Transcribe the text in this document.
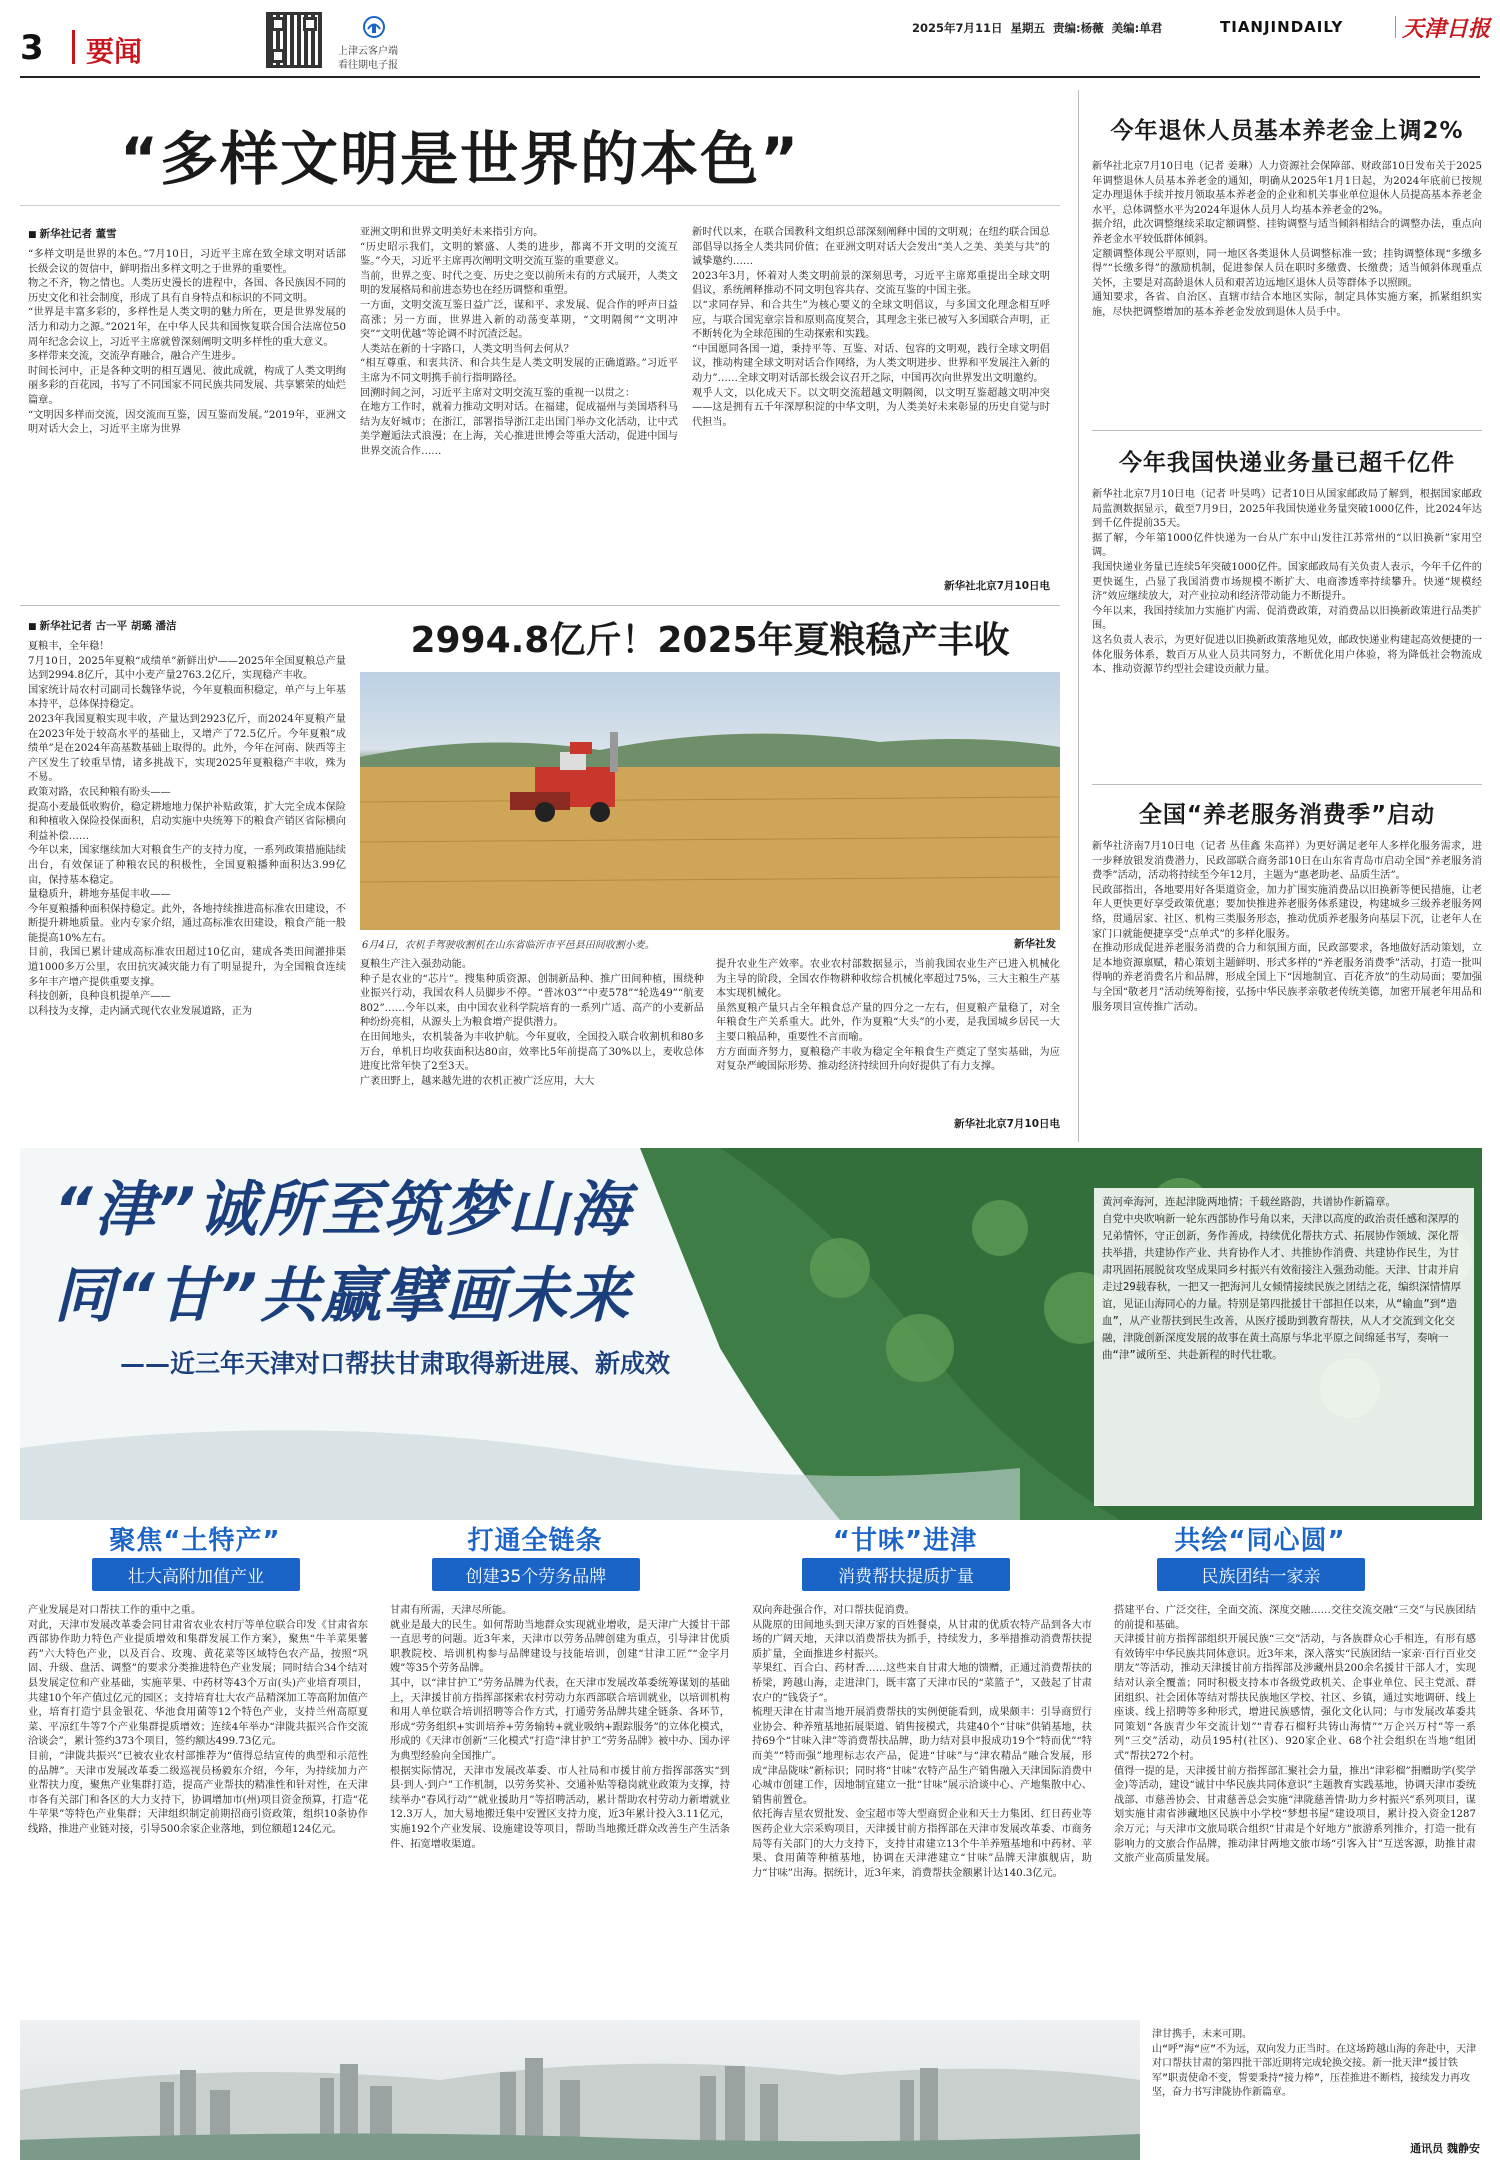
3 要闻	上津云客户端
看往期电子报
2025年7月11日  星期五  责编:杨薇  美编:单君	TIANJINDAILY	天津日报
“多样文明是世界的本色”
■ 新华社记者 董雪
“多样文明是世界的本色。”7月10日，习近平主席在致全球文明对话部长级会议的贺信中，鲜明指出多样文明之于世界的重要性。
物之不齐，物之情也。人类历史漫长的进程中，各国、各民族因不同的历史文化和社会制度，形成了具有自身特点和标识的不同文明。
“世界是丰富多彩的，多样性是人类文明的魅力所在，更是世界发展的活力和动力之源。”2021年，在中华人民共和国恢复联合国合法席位50周年纪念会议上，习近平主席就曾深刻阐明文明多样性的重大意义。
多样带来交流，交流孕育融合，融合产生进步。
时间长河中，正是各种文明的相互遇见、彼此成就，构成了人类文明绚丽多彩的百花园，书写了不同国家不同民族共同发展、共享繁荣的灿烂篇章。
“文明因多样而交流，因交流而互鉴，因互鉴而发展。”2019年，亚洲文明对话大会上，习近平主席为世界
亚洲文明和世界文明美好未来指引方向。
“历史昭示我们，文明的繁盛、人类的进步，都离不开文明的交流互鉴。”今天，习近平主席再次阐明文明交流互鉴的重要意义。
当前，世界之变、时代之变、历史之变以前所未有的方式展开，人类文明的发展格局和前进态势也在经历调整和重塑。
一方面，文明交流互鉴日益广泛，谋和平、求发展、促合作的呼声日益高涨；另一方面，世界进入新的动荡变革期，“文明隔阂”“文明冲突”“文明优越”等论调不时沉渣泛起。
人类站在新的十字路口，人类文明当何去何从？
“相互尊重、和衷共济、和合共生是人类文明发展的正确道路。”习近平主席为不同文明携手前行指明路径。
回溯时间之河，习近平主席对文明交流互鉴的重视一以贯之：
在地方工作时，就着力推动文明对话。在福建，促成福州与美国塔科马结为友好城市；在浙江，部署指导浙江走出国门举办文化活动，让中式美学邂逅法式浪漫；在上海，关心推进世博会等重大活动，促进中国与世界交流合作……
新时代以来，在联合国教科文组织总部深刻阐释中国的文明观；在纽约联合国总部倡导以扬全人类共同价值；在亚洲文明对话大会发出“美人之美、美美与共”的诚挚邀约……
2023年3月，怀着对人类文明前景的深刻思考，习近平主席郑重提出全球文明倡议，系统阐释推动不同文明包容共存、交流互鉴的中国主张。
以“求同存异、和合共生”为核心要义的全球文明倡议，与多国文化理念相互呼应，与联合国宪章宗旨和原则高度契合，其理念主张已被写入多国联合声明，正不断转化为全球范围的生动探索和实践。
“中国愿同各国一道，秉持平等、互鉴、对话、包容的文明观，践行全球文明倡议，推动构建全球文明对话合作网络，为人类文明进步、世界和平发展注入新的动力”……全球文明对话部长级会议召开之际，中国再次向世界发出文明邀约。
观乎人文，以化成天下。以文明交流超越文明隔阂，以文明互鉴超越文明冲突——这是拥有五千年深厚积淀的中华文明，为人类美好未来彰显的历史自觉与时代担当。
新华社北京7月10日电
■ 新华社记者 古一平 胡璐 潘洁
夏粮丰，全年稳！
7月10日，2025年夏粮“成绩单”新鲜出炉——2025年全国夏粮总产量达到2994.8亿斤，其中小麦产量2763.2亿斤，实现稳产丰收。
国家统计局农村司副司长魏锋华说，今年夏粮面积稳定，单产与上年基本持平，总体保持稳定。
2023年我国夏粮实现丰收，产量达到2923亿斤，而2024年夏粮产量在2023年处于较高水平的基础上，又增产了72.5亿斤。今年夏粮“成绩单”是在2024年高基数基础上取得的。此外，今年在河南、陕西等主产区发生了较重旱情，诸多挑战下，实现2025年夏粮稳产丰收，殊为不易。
政策对路，农民种粮有盼头——
提高小麦最低收购价，稳定耕地地力保护补贴政策，扩大完全成本保险和种植收入保险投保面积，启动实施中央统筹下的粮食产销区省际横向利益补偿……
今年以来，国家继续加大对粮食生产的支持力度，一系列政策措施陆续出台，有效保证了种粮农民的积极性，全国夏粮播种面积达3.99亿亩，保持基本稳定。
量稳质升，耕地夯基促丰收——
今年夏粮播种面积保持稳定。此外，各地持续推进高标准农田建设，不断提升耕地质量。业内专家介绍，通过高标准农田建设，粮食产能一般能提高10%左右。
目前，我国已累计建成高标准农田超过10亿亩，建成各类田间灌排渠道1000多万公里，农田抗灾减灾能力有了明显提升，为全国粮食连续多年丰产增产提供重要支撑。
科技创新，良种良机提单产——
以科技为支撑，走内涵式现代农业发展道路，正为
2994.8亿斤！2025年夏粮稳产丰收
6月4日，农机手驾驶收割机在山东省临沂市平邑县田间收割小麦。	新华社发
夏粮生产注入强劲动能。
种子是农业的“芯片”。搜集种质资源、创制新品种、推广田间种植，围绕种业振兴行动，我国农科人员脚步不停。“普冰03”“中麦578”“轮选49”“航麦802”……今年以来，由中国农业科学院培育的一系列广适、高产的小麦新品种纷纷亮相，从源头上为粮食增产提供潜力。
在田间地头，农机装备为丰收护航。今年夏收，全国投入联合收割机和80多万台，单机日均收获面积达80亩，效率比5年前提高了30%以上，麦收总体进度比常年快了2至3天。
广袤田野上，越来越先进的农机正被广泛应用，大大
提升农业生产效率。农业农村部数据显示，当前我国农业生产已进入机械化为主导的阶段，全国农作物耕种收综合机械化率超过75%，三大主粮生产基本实现机械化。
虽然夏粮产量只占全年粮食总产量的四分之一左右，但夏粮产量稳了，对全年粮食生产关系重大。此外，作为夏粮“大头”的小麦，是我国城乡居民一大主要口粮品种，重要性不言而喻。
方方面面齐努力，夏粮稳产丰收为稳定全年粮食生产奠定了坚实基础，为应对复杂严峻国际形势、推动经济持续回升向好提供了有力支撑。
新华社北京7月10日电
今年退休人员基本养老金上调2%
新华社北京7月10日电（记者 姜琳）人力资源社会保障部、财政部10日发布关于2025年调整退休人员基本养老金的通知，明确从2025年1月1日起，为2024年底前已按规定办理退休手续并按月领取基本养老金的企业和机关事业单位退休人员提高基本养老金水平，总体调整水平为2024年退休人员月人均基本养老金的2%。
据介绍，此次调整继续采取定额调整、挂钩调整与适当倾斜相结合的调整办法，重点向养老金水平较低群体倾斜。
定额调整体现公平原则，同一地区各类退休人员调整标准一致；挂钩调整体现“多缴多得”“长缴多得”的激励机制，促进参保人员在职时多缴费、长缴费；适当倾斜体现重点关怀，主要是对高龄退休人员和艰苦边远地区退休人员等群体予以照顾。
通知要求，各省、自治区、直辖市结合本地区实际，制定具体实施方案，抓紧组织实施，尽快把调整增加的基本养老金发放到退休人员手中。
今年我国快递业务量已超千亿件
新华社北京7月10日电（记者 叶昊鸣）记者10日从国家邮政局了解到，根据国家邮政局监测数据显示，截至7月9日，2025年我国快递业务量突破1000亿件，比2024年达到千亿件提前35天。
据了解，今年第1000亿件快递为一台从广东中山发往江苏常州的“以旧换新”家用空调。
我国快递业务量已连续5年突破1000亿件。国家邮政局有关负责人表示，今年千亿件的更快诞生，凸显了我国消费市场规模不断扩大、电商渗透率持续攀升。快递“规模经济”效应继续放大，对产业拉动和经济带动能力不断提升。
今年以来，我国持续加力实施扩内需、促消费政策，对消费品以旧换新政策进行品类扩围。
这名负责人表示，为更好促进以旧换新政策落地见效，邮政快递业构建起高效便捷的一体化服务体系，数百万从业人员共同努力，不断优化用户体验，将为降低社会物流成本、推动资源节约型社会建设贡献力量。
全国“养老服务消费季”启动
新华社济南7月10日电（记者 丛佳鑫 朱高祥）为更好满足老年人多样化服务需求，进一步释放银发消费潜力，民政部联合商务部10日在山东省青岛市启动全国“养老服务消费季”活动，活动将持续至今年12月，主题为“惠老助老、品质生活”。
民政部指出，各地要用好各渠道资金，加力扩围实施消费品以旧换新等便民措施，让老年人更快更好享受政策优惠；要加快推进养老服务体系建设，构建城乡三级养老服务网络，贯通居家、社区、机构三类服务形态，推动优质养老服务向基层下沉，让老年人在家门口就能便捷享受“点单式”的多样化服务。
在推动形成促进养老服务消费的合力和氛围方面，民政部要求，各地做好活动策划，立足本地资源禀赋，精心策划主题鲜明、形式多样的“养老服务消费季”活动，打造一批叫得响的养老消费名片和品牌，形成全国上下“因地制宜、百花齐放”的生动局面；要加强与全国“敬老月”活动统筹衔接，弘扬中华民族孝亲敬老传统美德，加密开展老年用品和服务项目宣传推广活动。
“津”诚所至筑梦山海
同“甘”共赢擘画未来
——近三年天津对口帮扶甘肃取得新进展、新成效
黄河牵海河，连起津陇两地情；千载丝路韵，共谱协作新篇章。
自党中央吹响新一轮东西部协作号角以来，天津以高度的政治责任感和深厚的兄弟情怀，守正创新，务作善成，持续优化帮扶方式、拓展协作领域、深化帮扶举措，共建协作产业、共育协作人才、共推协作消费、共建协作民生，为甘肃巩固拓展脱贫攻坚成果同乡村振兴有效衔接注入强劲动能。天津、甘肃并肩走过29载春秋，一把又一把海河儿女倾情接续民族之团结之花，编织深情情厚谊，见证山海同心的力量。特别是第四批援甘干部担任以来，从“输血”到“造血”，从产业帮扶到民生改善，从医疗援助到教育帮扶，从人才交流到文化交融，津陇创新深度发展的故事在黄土高原与华北平原之间绵延书写，奏响一曲“津”诚所至、共赴新程的时代壮歌。
聚焦“土特产”
壮大高附加值产业
打通全链条
创建35个劳务品牌
“甘味”进津
消费帮扶提质扩量
共绘“同心圆”
民族团结一家亲
产业发展是对口帮扶工作的重中之重。
对此，天津市发展改革委会同甘肃省农业农村厅等单位联合印发《甘肃省东西部协作助力特色产业提质增效和集群发展工作方案》，聚焦“牛羊菜果薯药”六大特色产业，以及百合、玫瑰、黄花菜等区域特色农产品，按照“巩固、升级、盘活、调整”的要求分类推进特色产业发展；同时结合34个结对县发展定位和产业基础，实施苹果、中药材等43个万亩(头)产业培育项目，共建10个年产值过亿元的园区；支持培育壮大农产品精深加工等高附加值产业，培育打造宁县金银花、华池食用菌等12个特色产业，支持兰州高原夏菜、平凉红牛等7个产业集群提质增效；连续4年举办“津陇共振兴合作交流洽谈会”，累计签约373个项目，签约额达499.73亿元。
目前，“津陇共振兴”已被农业农村部推荐为“值得总结宣传的典型和示范性的品牌”。天津市发展改革委二级巡视员杨毅东介绍，今年，为持续加力产业帮扶力度，聚焦产业集群打造，提高产业帮扶的精准性和针对性，在天津市各有关部门和各区的大力支持下，协调增加市(州)项目资金预算，打造“花牛苹果”等特色产业集群；天津组织制定前期招商引资政策，组织10条协作线路，推进产业链对接，引导500余家企业落地，到位额超124亿元。
甘肃有所需，天津尽所能。
就业是最大的民生。如何帮助当地群众实现就业增收，是天津广大援甘干部一直思考的问题。近3年来，天津市以劳务品牌创建为重点，引导津甘优质职教院校、培训机构参与品牌建设与技能培训，创建“甘津工匠”“金字月嫂”等35个劳务品牌。
其中，以“津甘护工”劳务品牌为代表，在天津市发展改革委统筹谋划的基础上，天津援甘前方指挥部探索农村劳动力东西部联合培训就业，以培训机构和用人单位联合培训招聘等合作方式，打通劳务品牌共建全链条、各环节，形成“劳务组织+实训培养+劳务输转+就业吸纳+跟踪服务”的立体化模式，形成的《天津市创新“三化模式”打造“津甘护工”劳务品牌》被中办、国办评为典型经验向全国推广。
根据实际情况，天津市发展改革委、市人社局和市援甘前方指挥部落实“到县·到人·到户”工作机制，以劳务奖补、交通补贴等稳岗就业政策为支撑，持续举办“春风行动”“就业援助月”等招聘活动，累计帮助农村劳动力新增就业12.3万人，加大易地搬迁集中安置区支持力度，近3年累计投入3.11亿元，实施192个产业发展、设施建设等项目，帮助当地搬迁群众改善生产生活条件、拓宽增收渠道。
双向奔赴强合作，对口帮扶促消费。
从陇原的田间地头到天津万家的百姓餐桌，从甘肃的优质农特产品到各大市场的广阔天地，天津以消费帮扶为抓手，持续发力，多举措推动消费帮扶提质扩量，全面推进乡村振兴。
苹果红、百合白、药材香……这些来自甘肃大地的馈赠，正通过消费帮扶的桥梁，跨越山海，走进津门，既丰富了天津市民的“菜篮子”，又鼓起了甘肃农户的“钱袋子”。
梳理天津在甘肃当地开展消费帮扶的实例便能看到，成果颇丰：引导商贸行业协会、种养殖基地拓展渠道、销售接模式，共建40个“甘味”供销基地，扶持69个“甘味入津”等消费帮扶品牌，助力结对县申报成功19个“特而优”“特而美”“特而强”地理标志农产品，促进“甘味”与“津农精品”融合发展，形成“津品陇味”新标识；同时将“甘味”农特产品生产销售融入天津国际消费中心城市创建工作，因地制宜建立一批“甘味”展示洽谈中心、产地集散中心、销售前置仓。
依托海吉星农贸批发、金宝超市等大型商贸企业和天士力集团、红日药业等医药企业大宗采购项目，天津援甘前方指挥部在天津市发展改革委、市商务局等有关部门的大力支持下，支持甘肃建立13个牛羊养殖基地和中药材、苹果、食用菌等种植基地，协调在天津港建立“甘味”品牌天津旗舰店，助力“甘味”出海。据统计，近3年来，消费帮扶金额累计达140.3亿元。
搭建平台、广泛交往，全面交流、深度交融……交往交流交融“三交”与民族团结的前提和基础。
天津援甘前方指挥部组织开展民族“三交”活动，与各族群众心手相连，有形有感有效铸牢中华民族共同体意识。近3年来，深入落实“民族团结一家亲·百行百业交朋友”等活动，推动天津援甘前方指挥部及涉藏州县200余名援甘干部人才，实现结对认亲全覆盖；同时积极支持本市各级党政机关、企事业单位、民主党派、群团组织、社会团体等结对帮扶民族地区学校、社区、乡镇，通过实地调研、线上座谈、线上招聘等多种形式，增进民族感情，强化文化认同；与市发展改革委共同策划“各族青少年交流计划”“青春石榴籽共铸山海情”“万企兴万村”等一系列“三交”活动，动员195村(社区)、920家企业、68个社会组织在当地“组团式”帮扶272个村。
值得一提的是，天津援甘前方指挥部汇聚社会力量，推出“津彩榴”捐赠助学(奖学金)等活动，建设“诚甘中华民族共同体意识”主题教育实践基地，协调天津市委统战部、市慈善协会、甘肃慈善总会实施“津陇慈善情·助力乡村振兴”系列项目，谋划实施甘肃省涉藏地区民族中小学校“梦想书屋”建设项目，累计投入资金1287余万元；与天津市文旅局联合组织“甘肃是个好地方”旅游系列推介，打造一批有影响力的文旅合作品牌，推动津甘两地文旅市场“引客入甘”互送客源，助推甘肃文旅产业高质量发展。
津甘携手，未来可期。
山“呼”海“应”不为远，双向发力正当时。在这场跨越山海的奔赴中，天津对口帮扶甘肃的第四批干部近期将完成轮换交接。新一批天津“援甘铁军”职责使命不变，誓要秉持“接力棒”，压茬推进不断档，接续发力再攻坚，奋力书写津陇协作新篇章。
通讯员 魏静安
